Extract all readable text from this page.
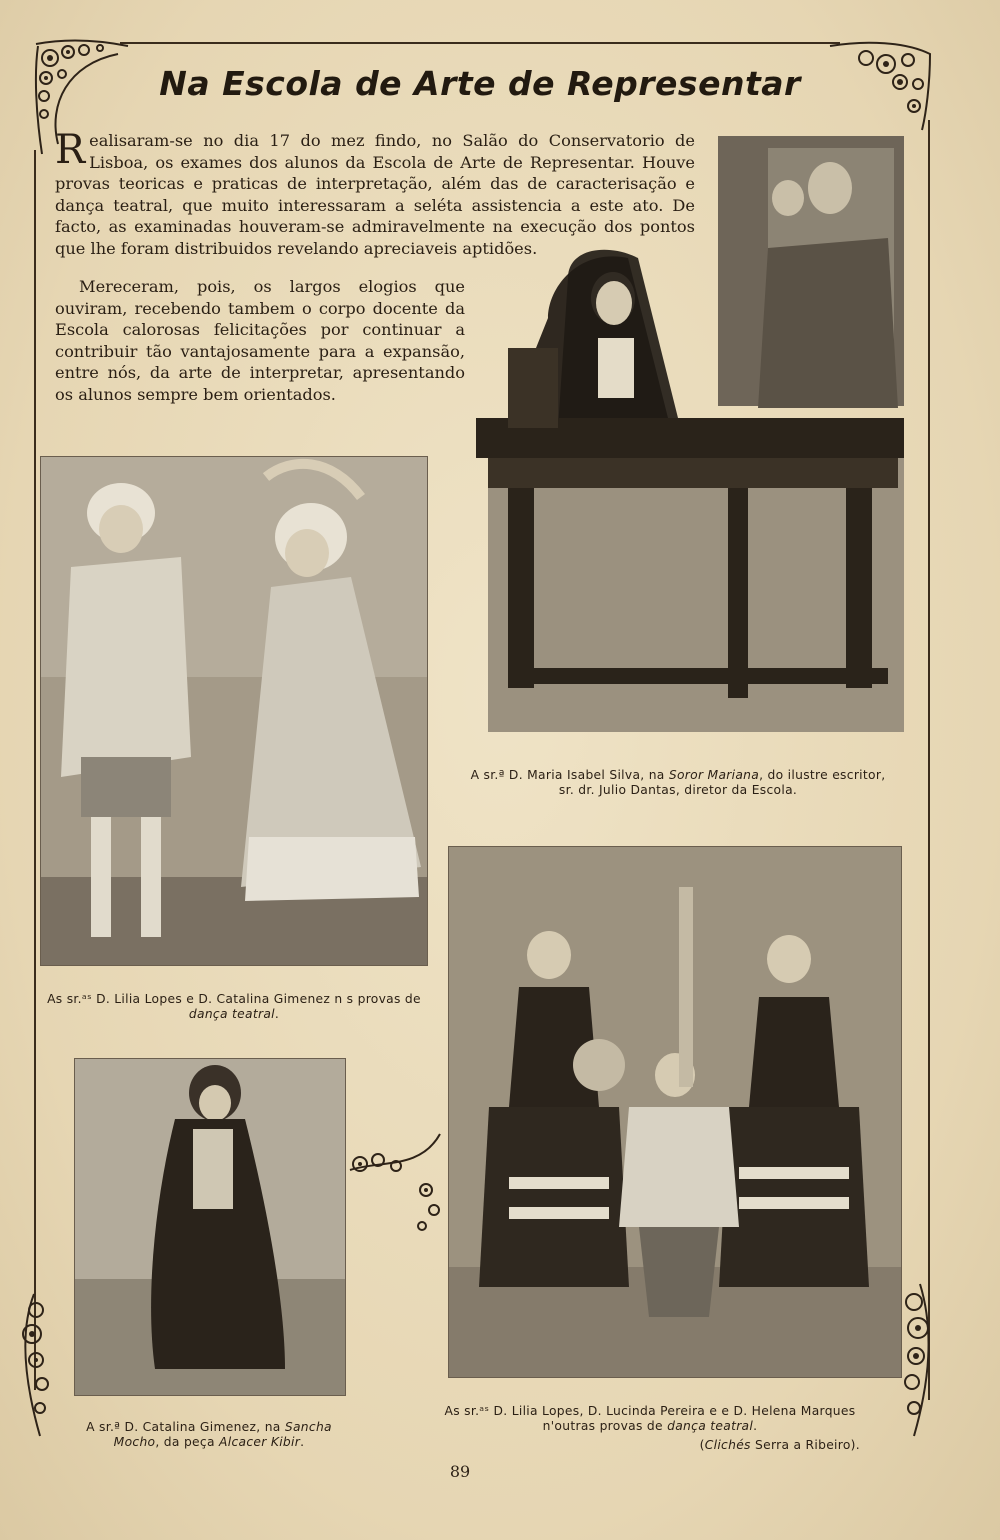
Na Escola de Arte de Representar
Realisaram-se no dia 17 do mez findo, no Salão do Conservatorio de Lisboa, os exames dos alunos da Escola de Arte de Representar. Houve provas teoricas e praticas de interpretação, além das de caracterisação e dança teatral, que muito interessaram a seléta assistencia a este ato. De facto, as examinadas houveram-se admiravelmente na execução dos pontos que lhe foram distribuidos revelando apreciaveis aptidões.
Mereceram, pois, os largos elogios que ouviram, recebendo tambem o corpo docente da Escola calorosas felicitações por continuar a contribuir tão vantajosamente para a expansão, entre nós, da arte de interpretar, apresentando os alunos sempre bem orientados.
A sr.ª D. Maria Isabel Silva, na Soror Mariana, do ilustre escritor, sr. dr. Julio Dantas, diretor da Escola.
As sr.ᵃˢ D. Lilia Lopes e D. Catalina Gimenez n s provas de dança teatral.
A sr.ª D. Catalina Gimenez, na Sancha Mocho, da peça Alcacer Kibir.
As sr.ᵃˢ D. Lilia Lopes, D. Lucinda Pereira e e D. Helena Marques n'outras provas de dança teatral.
(Clichés Serra a Ribeiro).
89
